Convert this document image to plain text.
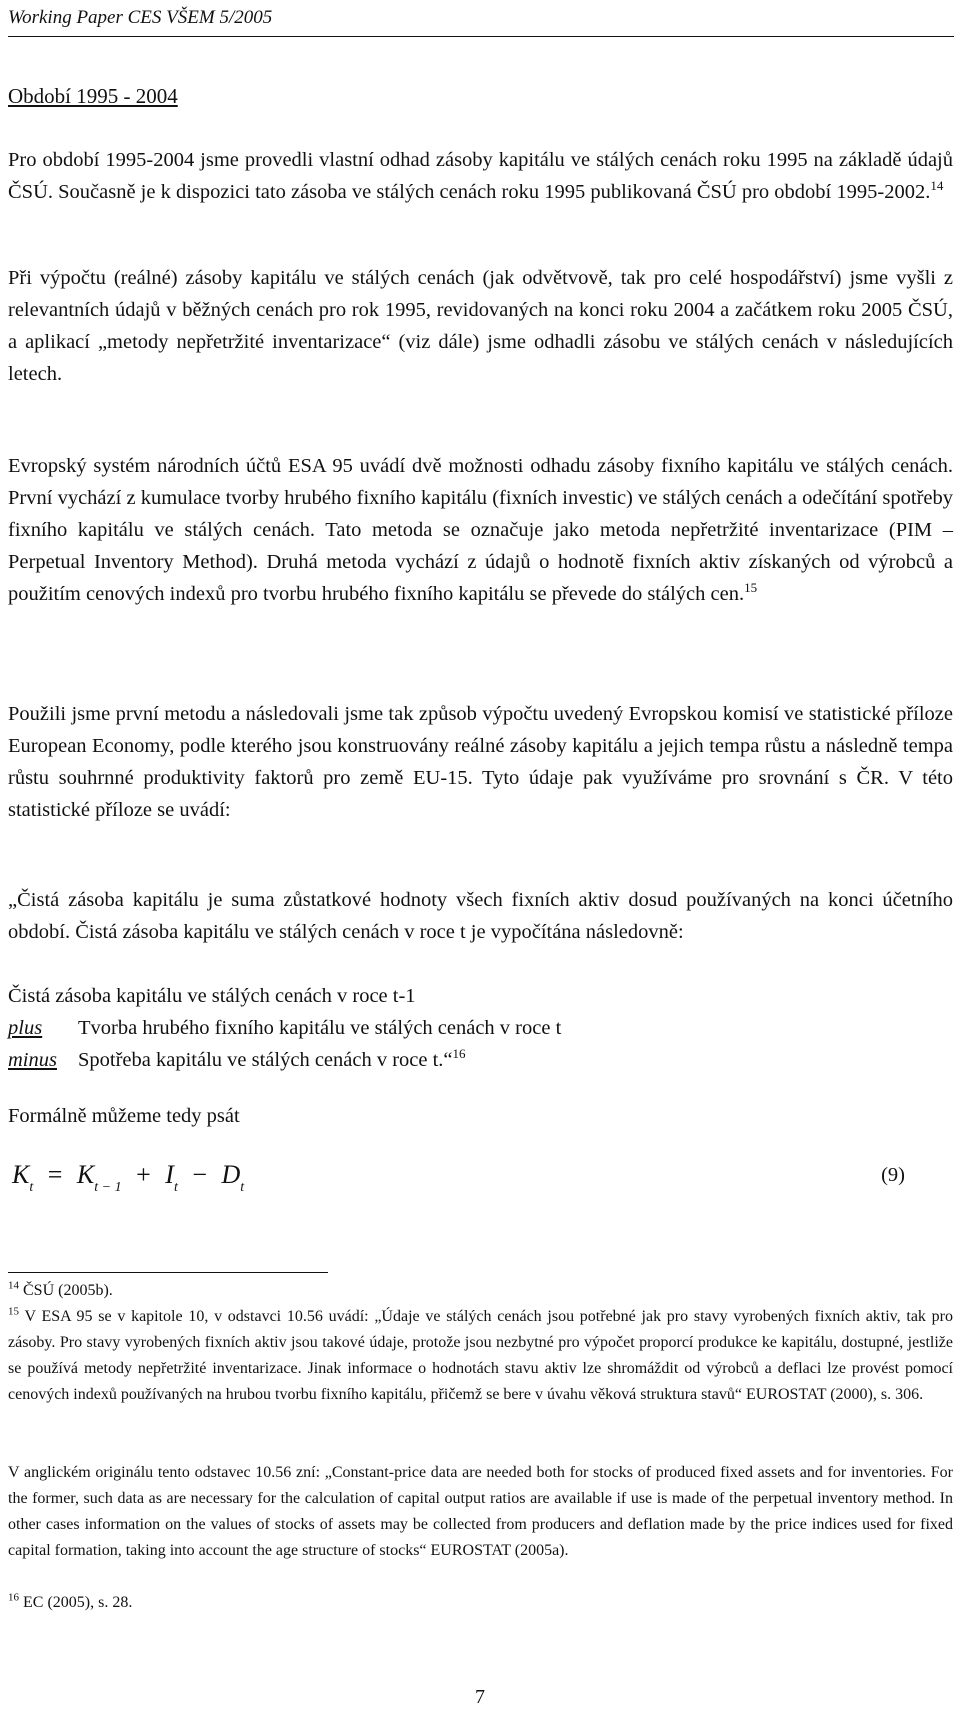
Working Paper CES VŠEM 5/2005
Období 1995 - 2004

Pro období 1995-2004 jsme provedli vlastní odhad zásoby kapitálu ve stálých cenách roku 1995 na základě údajů ČSÚ. Současně je k dispozici tato zásoba ve stálých cenách roku 1995 publikovaná ČSÚ pro období 1995-2002.14

Při výpočtu (reálné) zásoby kapitálu ve stálých cenách (jak odvětvově, tak pro celé hospodářství) jsme vyšli z relevantních údajů v běžných cenách pro rok 1995, revidovaných na konci roku 2004 a začátkem roku 2005 ČSÚ, a aplikací „metody nepřetržité inventarizace“ (viz dále) jsme odhadli zásobu ve stálých cenách v následujících letech.

Evropský systém národních účtů ESA 95 uvádí dvě možnosti odhadu zásoby fixního kapitálu ve stálých cenách. První vychází z kumulace tvorby hrubého fixního kapitálu (fixních investic) ve stálých cenách a odečítání spotřeby fixního kapitálu ve stálých cenách. Tato metoda se označuje jako metoda nepřetržité inventarizace (PIM – Perpetual Inventory Method). Druhá metoda vychází z údajů o hodnotě fixních aktiv získaných od výrobců a použitím cenových indexů pro tvorbu hrubého fixního kapitálu se převede do stálých cen.$^{15}$

Použili jsme první metodu a následovali jsme tak způsob výpočtu uvedený Evropskou komisí ve statistické příloze European Economy, podle kterého jsou konstruovány reálné zásoby kapitálu a jejich tempa růstu a následně tempa růstu souhrnné produktivity faktorů pro země EU-15. Tyto údaje pak využíváme pro srovnání s ČR. V této statistické příloze se uvádí:

„Čistá zásoba kapitálu je suma zůstatkové hodnoty všech fixních aktiv dosud používaných na konci účetního období. Čistá zásoba kapitálu ve stálých cenách v roce t je vypočítána následovně:

Čistá zásoba kapitálu ve stálých cenách v roce t-1
plus Tvorba hrubého fixního kapitálu ve stálých cenách v roce t
minus Spotřeba kapitálu ve stálých cenách v roce t.“$^{16}$
Formálně můžeme tedy psát
$K_t = K_{t - 1} + I_t - D_t$
(9)

$^{14}$ ČSÚ (2005b).

$^{15}$ V ESA 95 se v kapitole 10, v odstavci 10.56 uvádí: „Údaje ve stálých cenách jsou potřebné jak pro stavy vyrobených fixních aktiv, tak pro zásoby. Pro stavy vyrobených fixních aktiv jsou takové údaje, protože jsou nezbytné pro výpočet proporcí produkce ke kapitálu, dostupné, jestliže se používá metody nepřetržité inventarizace. Jinak informace o hodnotách stavu aktiv lze shromáždit od výrobců a deflaci lze provést pomocí cenových indexů používaných na hrubou tvorbu fixního kapitálu, přičemž se bere v úvahu věková struktura stavů“ EUROSTAT (2000), s. 306.

V anglickém originálu tento odstavec 10.56 zní: „Constant-price data are needed both for stocks of produced fixed assets and for inventories. For the former, such data as are necessary for the calculation of capital output ratios are available if use is made of the perpetual inventory method. In other cases information on the values of stocks of assets may be collected from producers and deflation made by the price indices used for fixed capital formation, taking into account the age structure of stocks“ EUROSTAT (2005a).

$^{16}$ EC (2005), s. 28.

7
